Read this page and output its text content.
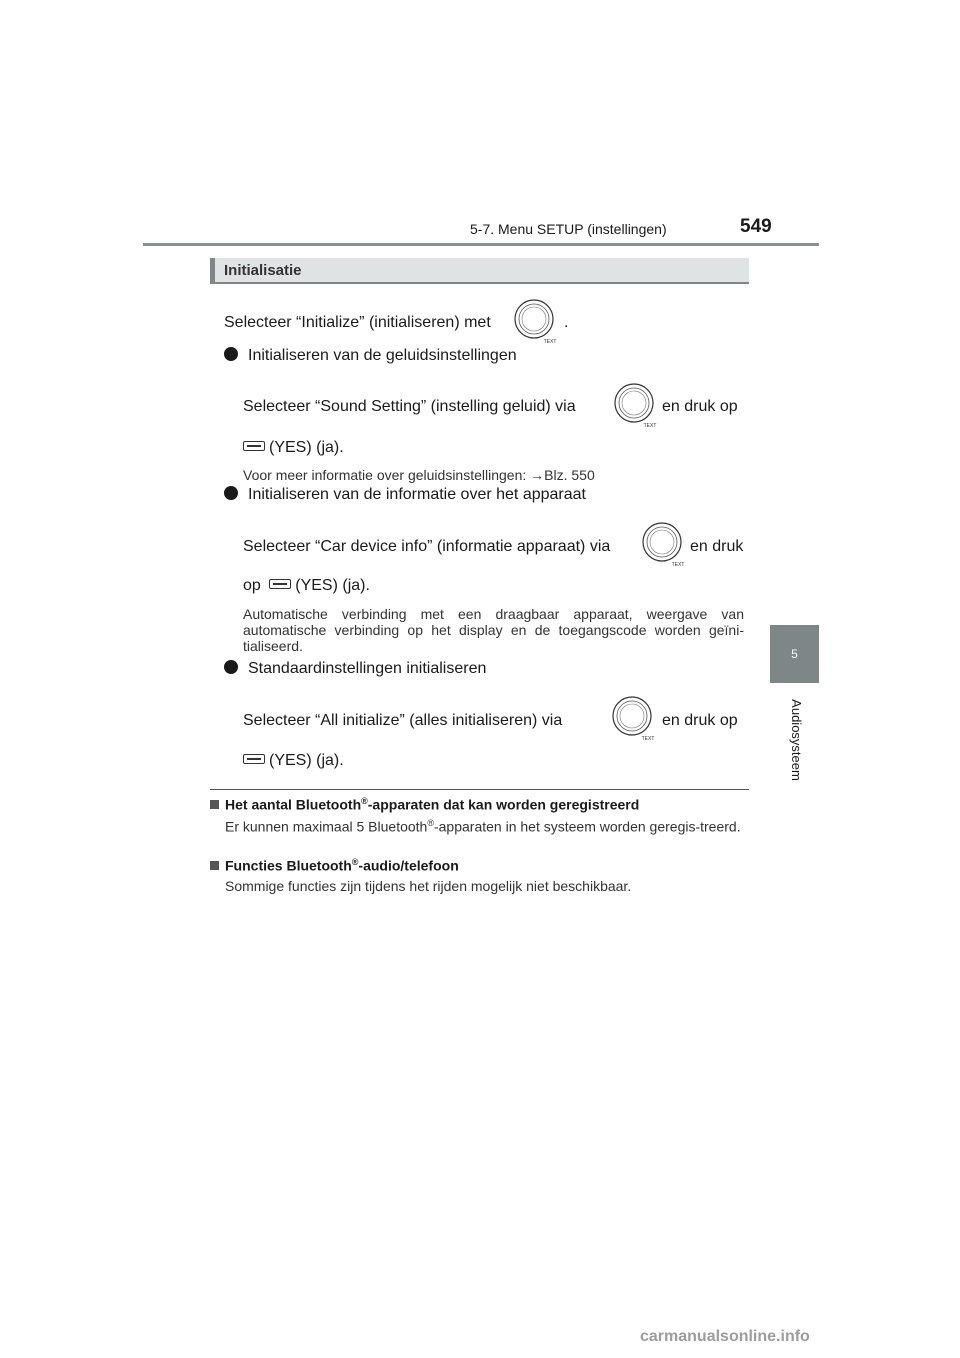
5-7. Menu SETUP (instellingen)	549
5
Audiosysteem
Initialisatie
Selecteer “Initialize” (initialiseren) met
TEXT
.
Initialiseren van de geluidsinstellingen
Selecteer “Sound Setting” (instelling geluid) via
TEXT
en druk op
(YES) (ja).
Voor meer informatie over geluidsinstellingen: →Blz. 550
Initialiseren van de informatie over het apparaat
Selecteer “Car device info” (informatie apparaat) via
TEXT
en druk
op (YES) (ja).
Automatische verbinding met een draagbaar apparaat, weergave van automatische verbinding op het display en de toegangscode worden geïni-tialiseerd.
Standaardinstellingen initialiseren
Selecteer “All initialize” (alles initialiseren) via
TEXT
en druk op
(YES) (ja).
Het aantal Bluetooth®-apparaten dat kan worden geregistreerd
Er kunnen maximaal 5 Bluetooth®-apparaten in het systeem worden geregis-treerd.
Functies Bluetooth®-audio/telefoon
Sommige functies zijn tijdens het rijden mogelijk niet beschikbaar.
carmanualsonline.info
